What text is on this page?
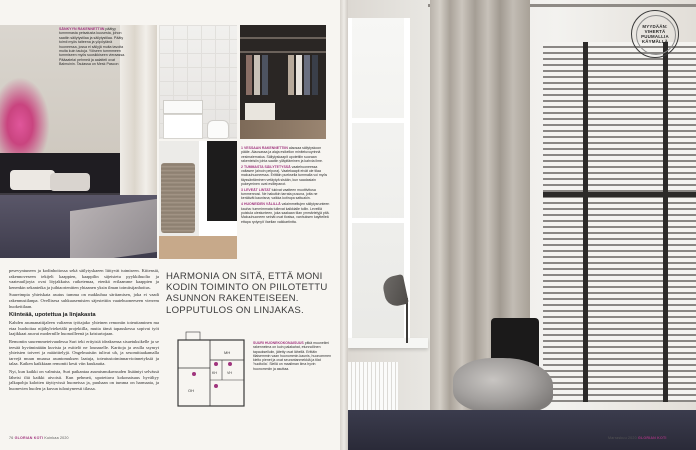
SÄNKYYN RAKENNETTIIN päätyy tummmasta petsatusta kuusesta, johon saatiin säilytystilaa ja säilytystilaa. Pääty toimii myös taiteena ja yöpöytänä huoneessa, jossa ei säilyjä muita tavoita muita kuin tauluja. Yöiseen tummmeen tummiseen myös suosikkiseen vieraassa. Pääaatelai pehmeä ja aalatteli ovat Balmuinin. Taulassa on Mesk Pascon

1 VESSAAN RAKENNETTIIN alaosaa säilytyskoon pääle. Alaosassa ja alaja esikellon miniteluvuyrinnä vesimaiematoa. Säilytyskaapit upotettiin suoraan rakenteisiin johta saatiin ylläpitäminen ja kahvia ilme.

2 TUMMASTA SÄILYTETYSSÄ vaatehuoneessa valtasee (ainoin pelpora). Vaatekaapit eivät ole tilaa makuuhuoneessa. Erittäin pueksella tummalla voi myös täyssäntäminen vetäytyä sisään, kun saadasiain pukeyminen ovat esillepanot.

3 LEVEÄT LINTAT tukivat vaatteen muottivitusa tummennosi. Ne hakutkin tarrata pusuna, jotta ne keräävät kaunisna; vaikka kotirupa sattuakin.

4 HUONEIDEN VÄLILLÄ valaimmeltujen säilytysrunteen kauha: tummimmata tullevat kaikkialle tullin. Leveillä puistula ulestunteen, joka saakaan tilan ymmärtelyjä pitä. Makuuhuoneen seinät ovat tlostsa, vanhuksen kayttelleä ettapa rydynyit Vaellan vaikkartintta.

pesevyntuneen ja kodinhoitossa sekä säilytyskaeen liittyvät tutmiseen. Kiitensiä, rakennoveseen tekijelt kaappien, kaappilin säjeistetu pyykkihuolto ja vaateuuiljoyta ovat löyjakkaiss rutketemaa, etenkä erilaamme kaappien ja kenenkin sekanteika ja juihtaorienitten yhtaanen yksin ilman toimitsijanhoitus.

Suureimpia yhteiskata asutus tumma on makkuhua säritamisen, joka ei vaadi rakennustilanpa. Ovellisesa suhkuasemisien säjestettiin vaatehuoneeseen vierrem huokeitilaan.

Kiinteää, upotettua ja linjakasta

Kahden asumanattijaleen valizenn työtajako yhteinen remontin toteuttaminen ma etaa huohoitaa nijähylvieketälä projektilla, mutta tämä tapauskessa sopivat työt laajikkaat asuvat modernille huonoilleenä ja kristurtojaan.

Remontin suuremmeteivuudessa Suri teki erityisiä ideaksensa sisuetuksikelle ja se teesää hyväminäään kuvista ja esittelö ne lounaselle. Karttoja ja avulla ssynryt yhteisten toiveet ja määrittelyjä. Ongelmaisiin tulivat uh, ja sesomittaakamalla tarvejä muun muassa asuntomuksen laatuja, toteutustoiminnarvioinnetyksiä ja talaa. Kaiken kaikkiaan remontti kesti viin kuukautta.

Nyt, kun kaikki on valmista, Suri paikantaa asumismukavuuden lisääntyi selvässä läheisi iltä kaikki aivoisti. Kun pehmeä, upotettava kokonaisuus hyvältyy jalkapohja kalotten täyttyvissä huoneissa ja, puuhaan on tumma on harmaata, ja huonevien huolen ja kuvun tuloutyneesti tilassa.

HARMONIA ON SITÄ, ETTÄ MONI KODIN TOIMINTO ON PIILOTETTU ASUNNON RAKENTEISEEN. LOPPUTULOS ON LINJAKAS.
MH
KH	VH
OH
SUURI HUONEKOKONAISUUS pitkä muuneilmi rakennelma on kuin palakahat, etunnollinen tapaukselluiin, jätetty ovat lähellä. Erittäin tilaisemmin vaan huonommin-kaunis, huonommen kielto pienet ja ovat seurantanmekkiä ja tilat 'huoltoila'. Siellä on maailman ilma hyvin huonommiin ja asuttaa.
76 GLORIAN KOTI Kuinkaa 2020
MYYDÄÄN: VIHERTÄ PUUMALLIA KÄYMÄLLÄ
Marraskuu 2020 GLORIAN KOTI
